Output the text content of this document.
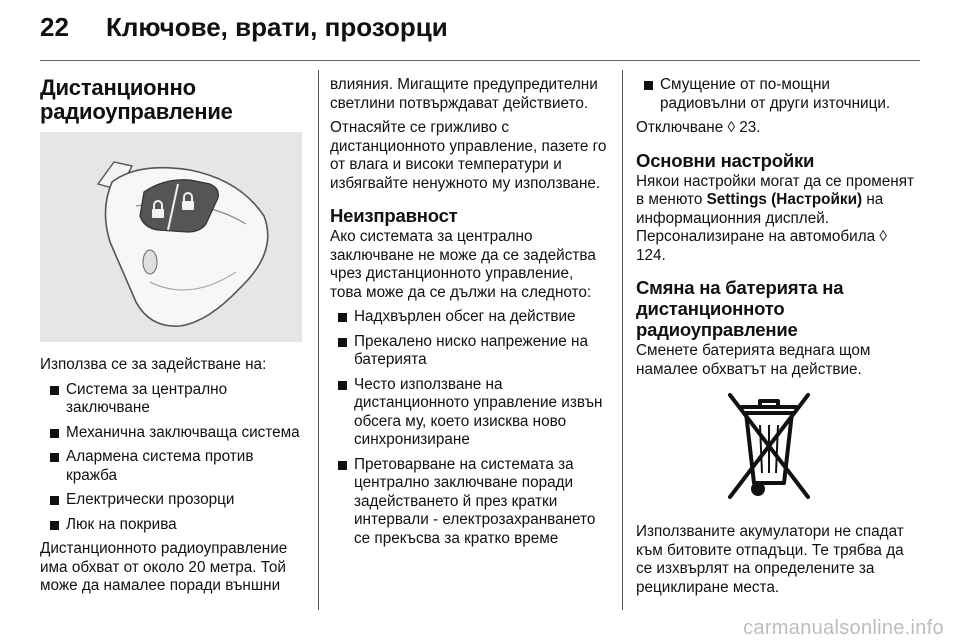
22 Ключове, врати, прозорци
Дистанционно радиоуправление

Използва се за задействане на:

Система за централно заключване
Механична заключваща система
Алармена система против кражба
Електрически прозорци
Люк на покрива

Дистанционното радиоуправление има обхват от около 20 метра. Той може да намалее поради външни

влияния. Мигащите предупредителни светлини потвърждават действието.

Отнасяйте се грижливо с дистанционното управление, пазете го от влага и високи температури и избягвайте ненужното му използване.

Неизправност

Ако системата за централно заключване не може да се задейства чрез дистанционното управление, това може да се дължи на следното:

Надхвърлен обсег на действие
Прекалено ниско напрежение на батерията
Често използване на дистанционното управление извън обсега му, което изисква ново синхронизиране
Претоварване на системата за централно заключване поради задействането й през кратки интервали - електрозахранването се прекъсва за кратко време
Смущение от по-мощни радиовълни от други източници.

Отключване ◊ 23.

Основни настройки

Някои настройки могат да се променят в менюто Settings (Настройки) на информационния дисплей. Персонализиране на автомобила ◊ 124.

Смяна на батерията на дистанционното радиоуправление

Сменете батерията веднага щом намалее обхватът на действие.

Използваните акумулатори не спадат към битовите отпадъци. Те трябва да се изхвърлят на определените за рециклиране места.

carmanualsonline.info
